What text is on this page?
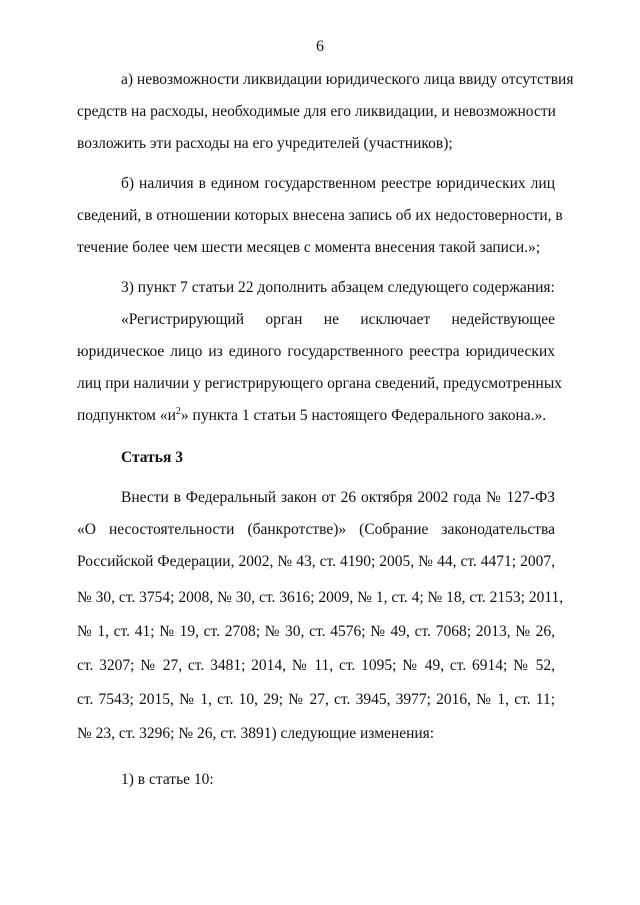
6
а) невозможности ликвидации юридического лица ввиду отсутствия
средств на расходы, необходимые для его ликвидации, и невозможности
возложить эти расходы на его учредителей (участников);
б) наличия в едином государственном реестре юридических лиц
сведений, в отношении которых внесена запись об их недостоверности, в
течение более чем шести месяцев с момента внесения такой записи.»;
3) пункт 7 статьи 22 дополнить абзацем следующего содержания:
«Регистрирующий орган не исключает недействующее
юридическое лицо из единого государственного реестра юридических
лиц при наличии у регистрирующего органа сведений, предусмотренных
подпунктом «$и^2$» пункта 1 статьи 5 настоящего Федерального закона.».
Статья 3
Внести в Федеральный закон от 26 октября 2002 года № 127-ФЗ
«О несостоятельности (банкротстве)» (Собрание законодательства
Российской Федерации, 2002, № 43, ст. 4190; 2005, № 44, ст. 4471; 2007,
№ 30, ст. 3754; 2008, № 30, ст. 3616; 2009, № 1, ст. 4; № 18, ст. 2153; 2011,
№ 1, ст. 41; № 19, ст. 2708; № 30, ст. 4576; № 49, ст. 7068; 2013, № 26,
ст. 3207; № 27, ст. 3481; 2014, № 11, ст. 1095; № 49, ст. 6914; № 52,
ст. 7543; 2015, № 1, ст. 10, 29; № 27, ст. 3945, 3977; 2016, № 1, ст. 11;
№ 23, ст. 3296; № 26, ст. 3891) следующие изменения:
1) в статье 10:
